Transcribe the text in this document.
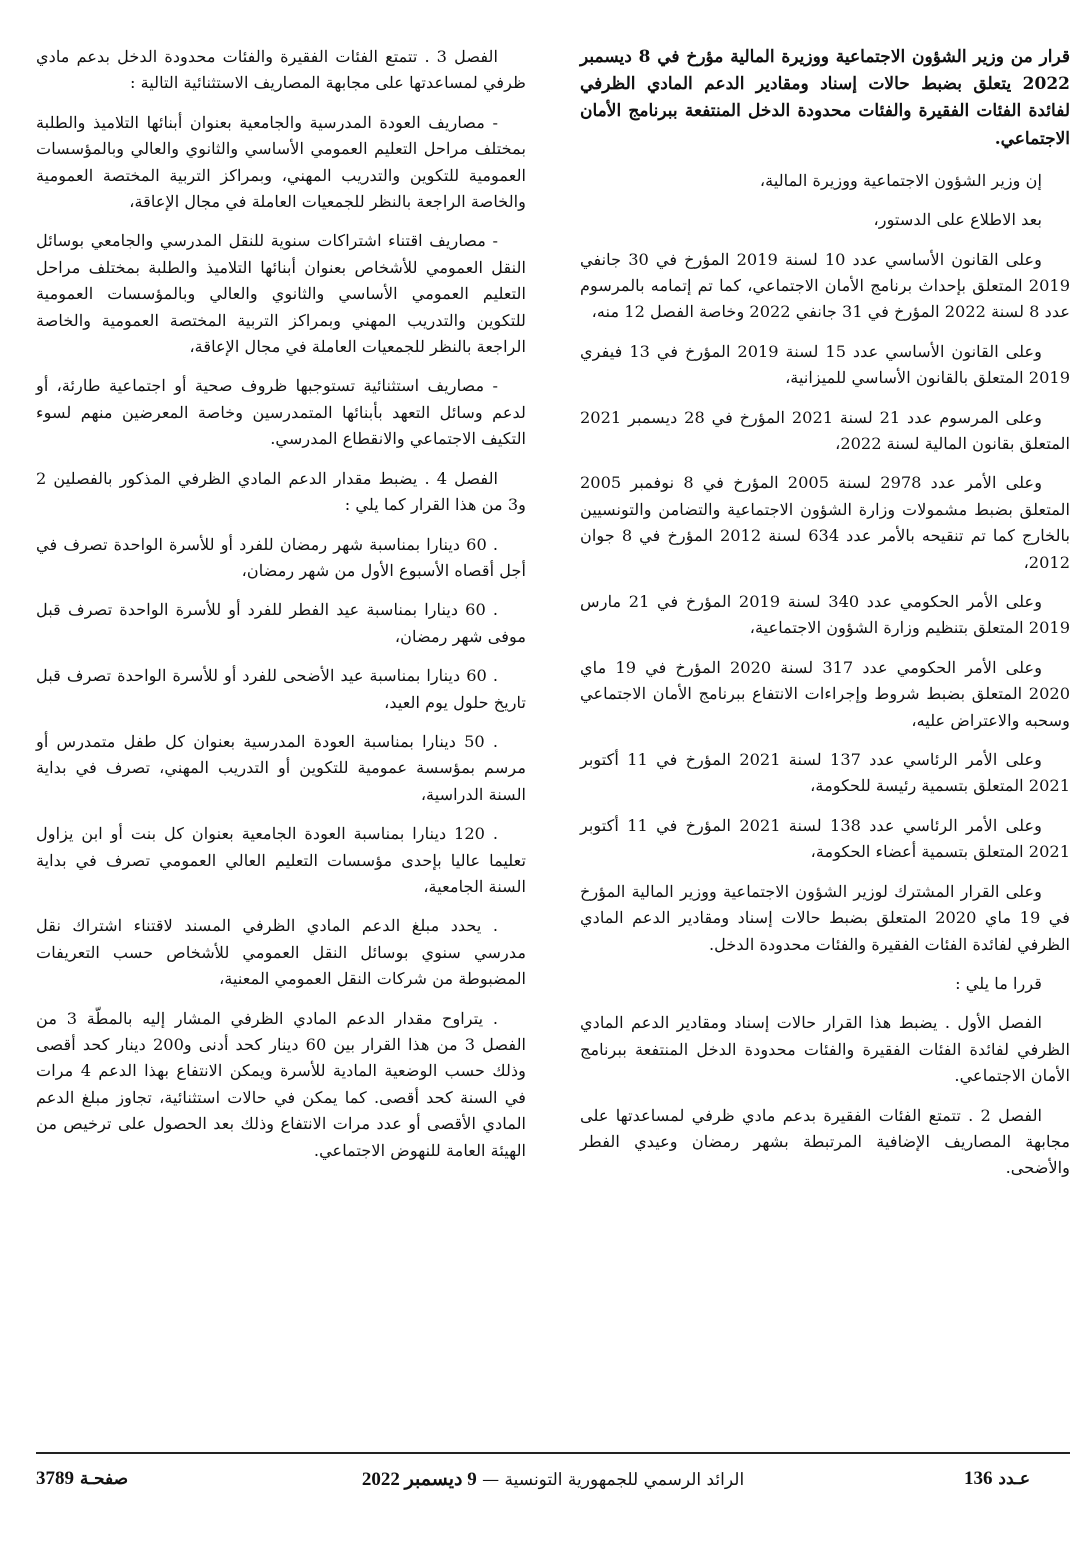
قرار من وزير الشؤون الاجتماعية ووزيرة المالية مؤرخ في 8 ديسمبر 2022 يتعلق بضبط حالات إسناد ومقادير الدعم المادي الظرفي لفائدة الفئات الفقيرة والفئات محدودة الدخل المنتفعة ببرنامج الأمان الاجتماعي.

إن وزير الشؤون الاجتماعية ووزيرة المالية،

بعد الاطلاع على الدستور،

وعلى القانون الأساسي عدد 10 لسنة 2019 المؤرخ في 30 جانفي 2019 المتعلق بإحداث برنامج الأمان الاجتماعي، كما تم إتمامه بالمرسوم عدد 8 لسنة 2022 المؤرخ في 31 جانفي 2022 وخاصة الفصل 12 منه،

وعلى القانون الأساسي عدد 15 لسنة 2019 المؤرخ في 13 فيفري 2019 المتعلق بالقانون الأساسي للميزانية،

وعلى المرسوم عدد 21 لسنة 2021 المؤرخ في 28 ديسمبر 2021 المتعلق بقانون المالية لسنة 2022،

وعلى الأمر عدد 2978 لسنة 2005 المؤرخ في 8 نوفمبر 2005 المتعلق بضبط مشمولات وزارة الشؤون الاجتماعية والتضامن والتونسيين بالخارج كما تم تنقيحه بالأمر عدد 634 لسنة 2012 المؤرخ في 8 جوان 2012،

وعلى الأمر الحكومي عدد 340 لسنة 2019 المؤرخ في 21 مارس 2019 المتعلق بتنظيم وزارة الشؤون الاجتماعية،

وعلى الأمر الحكومي عدد 317 لسنة 2020 المؤرخ في 19 ماي 2020 المتعلق بضبط شروط وإجراءات الانتفاع ببرنامج الأمان الاجتماعي وسحبه والاعتراض عليه،

وعلى الأمر الرئاسي عدد 137 لسنة 2021 المؤرخ في 11 أكتوبر 2021 المتعلق بتسمية رئيسة للحكومة،

وعلى الأمر الرئاسي عدد 138 لسنة 2021 المؤرخ في 11 أكتوبر 2021 المتعلق بتسمية أعضاء الحكومة،

وعلى القرار المشترك لوزير الشؤون الاجتماعية ووزير المالية المؤرخ في 19 ماي 2020 المتعلق بضبط حالات إسناد ومقادير الدعم المادي الظرفي لفائدة الفئات الفقيرة والفئات محدودة الدخل.

قررا ما يلي :

الفصل الأول . يضبط هذا القرار حالات إسناد ومقادير الدعم المادي الظرفي لفائدة الفئات الفقيرة والفئات محدودة الدخل المنتفعة ببرنامج الأمان الاجتماعي.

الفصل 2 . تتمتع الفئات الفقيرة بدعم مادي ظرفي لمساعدتها على مجابهة المصاريف الإضافية المرتبطة بشهر رمضان وعيدي الفطر والأضحى.

الفصل 3 . تتمتع الفئات الفقيرة والفئات محدودة الدخل بدعم مادي ظرفي لمساعدتها على مجابهة المصاريف الاستثنائية التالية :

- مصاريف العودة المدرسية والجامعية بعنوان أبنائها التلاميذ والطلبة بمختلف مراحل التعليم العمومي الأساسي والثانوي والعالي وبالمؤسسات العمومية للتكوين والتدريب المهني، وبمراكز التربية المختصة العمومية والخاصة الراجعة بالنظر للجمعيات العاملة في مجال الإعاقة،

- مصاريف اقتناء اشتراكات سنوية للنقل المدرسي والجامعي بوسائل النقل العمومي للأشخاص بعنوان أبنائها التلاميذ والطلبة بمختلف مراحل التعليم العمومي الأساسي والثانوي والعالي وبالمؤسسات العمومية للتكوين والتدريب المهني وبمراكز التربية المختصة العمومية والخاصة الراجعة بالنظر للجمعيات العاملة في مجال الإعاقة،

- مصاريف استثنائية تستوجبها ظروف صحية أو اجتماعية طارئة، أو لدعم وسائل التعهد بأبنائها المتمدرسين وخاصة المعرضين منهم لسوء التكيف الاجتماعي والانقطاع المدرسي.

الفصل 4 . يضبط مقدار الدعم المادي الظرفي المذكور بالفصلين 2 و3 من هذا القرار كما يلي :

. 60 دينارا بمناسبة شهر رمضان للفرد أو للأسرة الواحدة تصرف في أجل أقصاه الأسبوع الأول من شهر رمضان،

. 60 دينارا بمناسبة عيد الفطر للفرد أو للأسرة الواحدة تصرف قبل موفى شهر رمضان،

. 60 دينارا بمناسبة عيد الأضحى للفرد أو للأسرة الواحدة تصرف قبل تاريخ حلول يوم العيد،

. 50 دينارا بمناسبة العودة المدرسية بعنوان كل طفل متمدرس أو مرسم بمؤسسة عمومية للتكوين أو التدريب المهني، تصرف في بداية السنة الدراسية،

. 120 دينارا بمناسبة العودة الجامعية بعنوان كل بنت أو ابن يزاول تعليما عاليا بإحدى مؤسسات التعليم العالي العمومي تصرف في بداية السنة الجامعية،

. يحدد مبلغ الدعم المادي الظرفي المسند لاقتناء اشتراك نقل مدرسي سنوي بوسائل النقل العمومي للأشخاص حسب التعريفات المضبوطة من شركات النقل العمومي المعنية،

. يتراوح مقدار الدعم المادي الظرفي المشار إليه بالمطّة 3 من الفصل 3 من هذا القرار بين 60 دينار كحد أدنى و200 دينار كحد أقصى وذلك حسب الوضعية المادية للأسرة ويمكن الانتفاع بهذا الدعم 4 مرات في السنة كحد أقصى. كما يمكن في حالات استثنائية، تجاوز مبلغ الدعم المادي الأقصى أو عدد مرات الانتفاع وذلك بعد الحصول على ترخيص من الهيئة العامة للنهوض الاجتماعي.

عـدد 136
الرائد الرسمي للجمهورية التونسية — 9 ديسمبر 2022
صفحـة 3789
